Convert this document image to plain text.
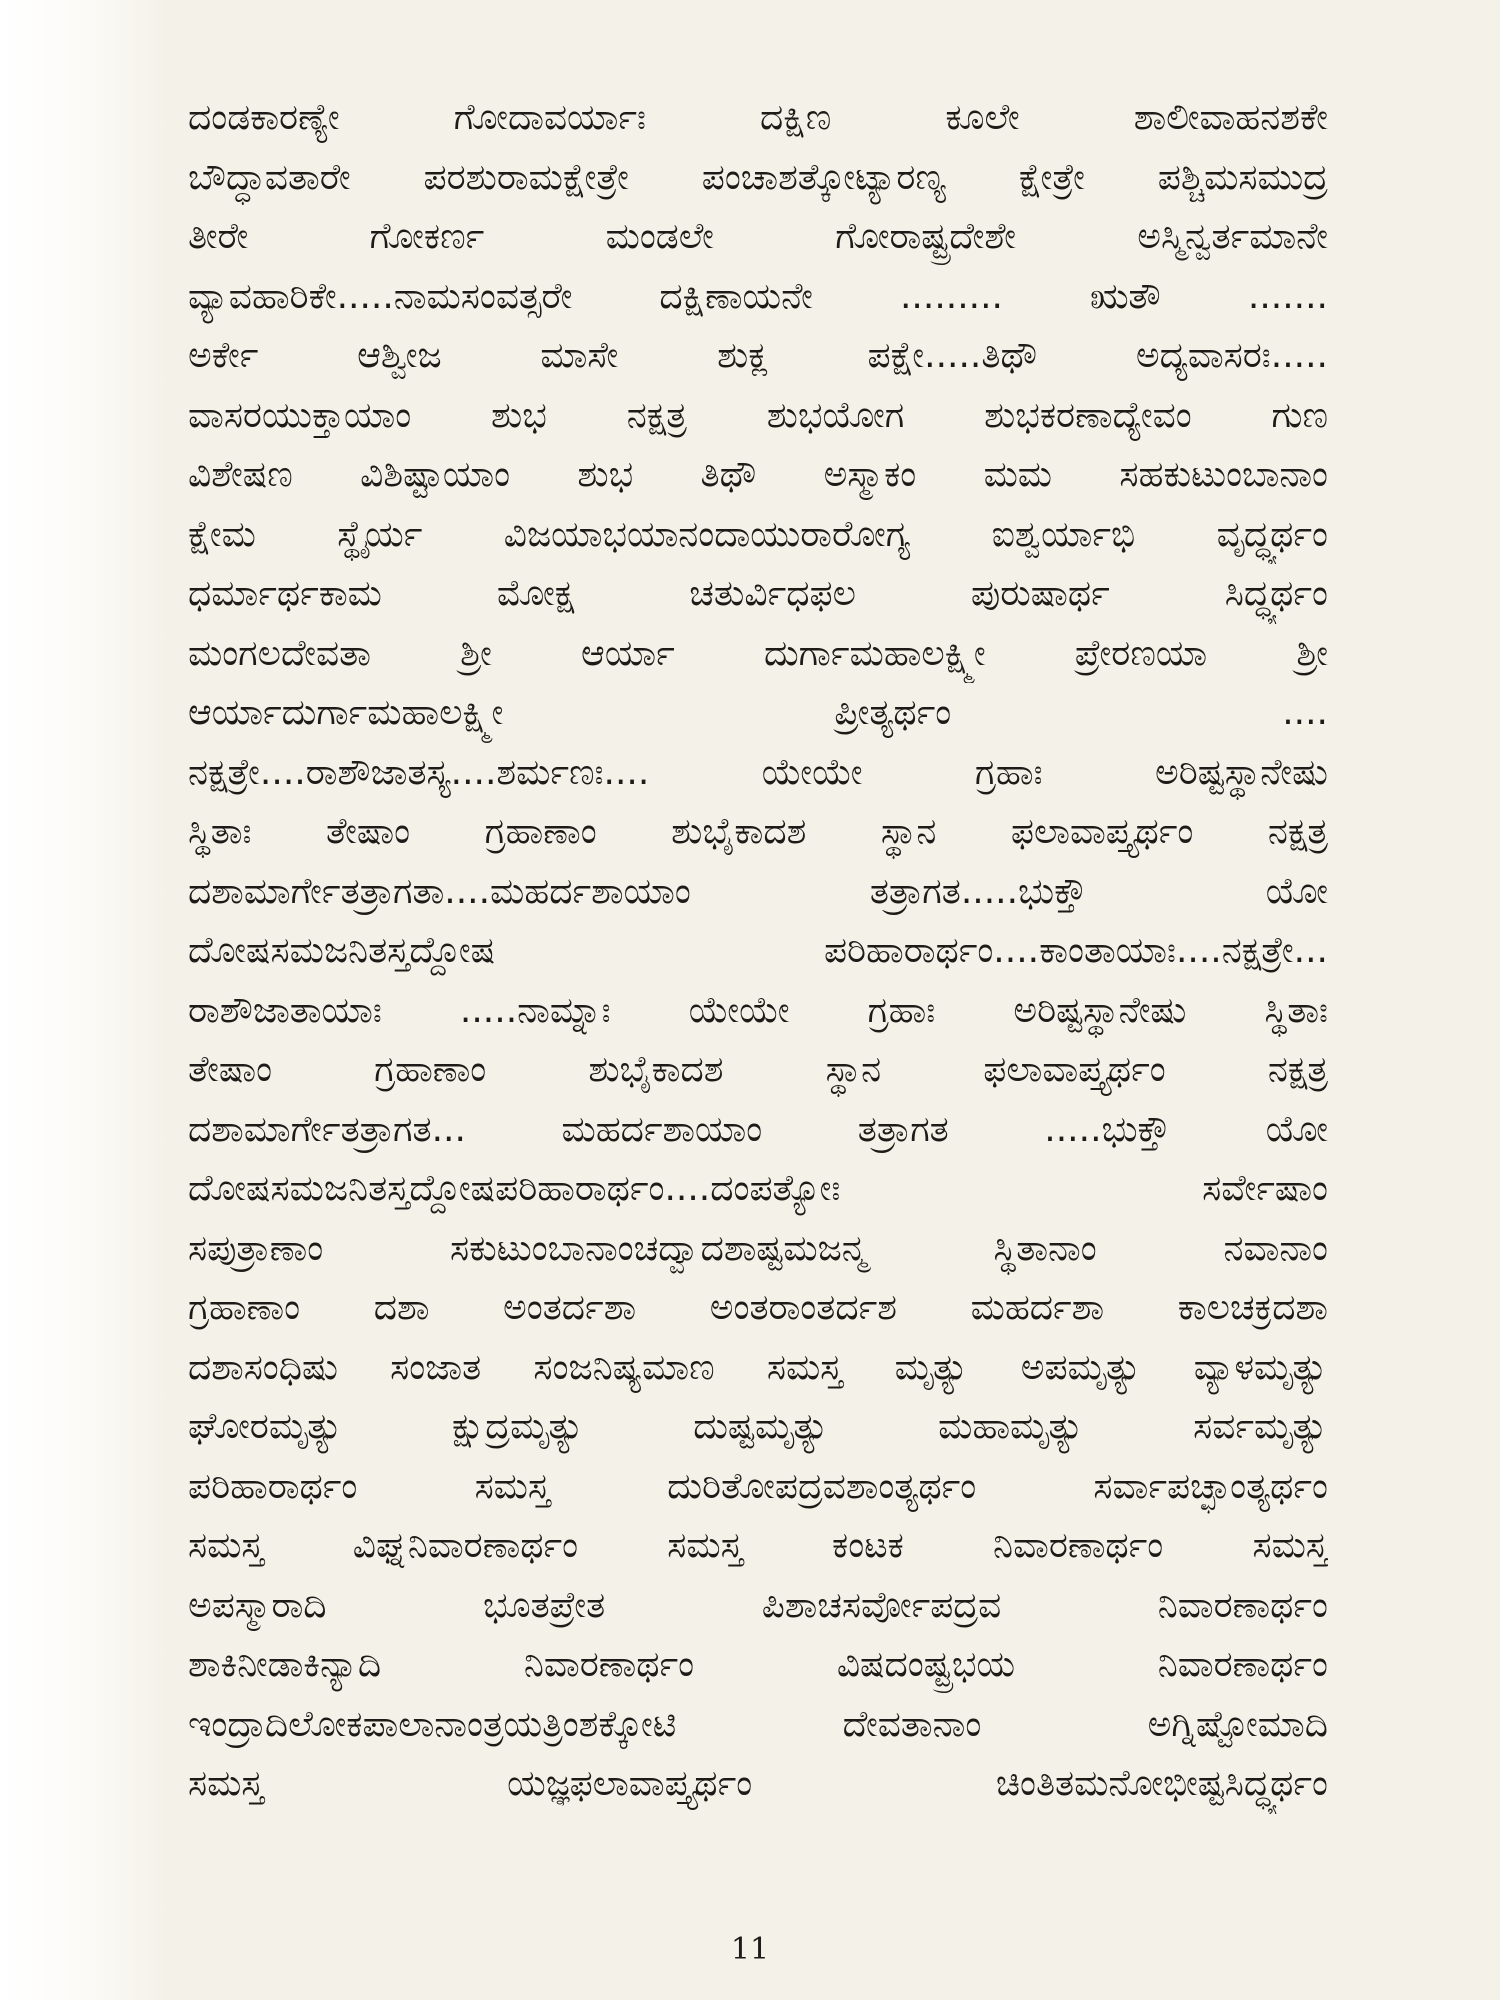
ದಂಡಕಾರಣ್ಯೇ ಗೋದಾವರ್ಯಾಃ ದಕ್ಷಿಣ ಕೂಲೇ ಶಾಲೀವಾಹನಶಕೇ
ಬೌದ್ಧಾವತಾರೇ ಪರಶುರಾಮಕ್ಷೇತ್ರೇ ಪಂಚಾಶತ್ಕೋಟ್ಯಾರಣ್ಯ ಕ್ಷೇತ್ರೇ ಪಶ್ಚಿಮಸಮುದ್ರ
ತೀರೇ ಗೋಕರ್ಣ ಮಂಡಲೇ ಗೋರಾಷ್ಟ್ರದೇಶೇ ಅಸ್ಮಿನ್ವರ್ತಮಾನೇ
ವ್ಯಾವಹಾರಿಕೇ.....ನಾಮಸಂವತ್ಸರೇ ದಕ್ಷಿಣಾಯನೇ ......... ಋತೌ .......
ಅರ್ಕೇ ಆಶ್ವೀಜ ಮಾಸೇ ಶುಕ್ಲ ಪಕ್ಷೇ.....ತಿಥೌ ಅದ್ಯವಾಸರಃ.....
ವಾಸರಯುಕ್ತಾಯಾಂ ಶುಭ ನಕ್ಷತ್ರ ಶುಭಯೋಗ ಶುಭಕರಣಾದ್ಯೇವಂ ಗುಣ
ವಿಶೇಷಣ ವಿಶಿಷ್ಟಾಯಾಂ ಶುಭ ತಿಥೌ ಅಸ್ಮಾಕಂ ಮಮ ಸಹಕುಟುಂಬಾನಾಂ
ಕ್ಷೇಮ ಸ್ಥೈರ್ಯ ವಿಜಯಾಭಯಾನಂದಾಯುರಾರೋಗ್ಯ ಐಶ್ವರ್ಯಾಭಿ ವೃದ್ಧ್ಯರ್ಥಂ
ಧರ್ಮಾರ್ಥಕಾಮ ಮೋಕ್ಷ ಚತುರ್ವಿಧಫಲ ಪುರುಷಾರ್ಥ ಸಿದ್ಧ್ಯರ್ಥಂ
ಮಂಗಲದೇವತಾ ಶ್ರೀ ಆರ್ಯಾ ದುರ್ಗಾಮಹಾಲಕ್ಷ್ಮೀ ಪ್ರೇರಣಯಾ ಶ್ರೀ
ಆರ್ಯಾದುರ್ಗಾಮಹಾಲಕ್ಷ್ಮೀ ಪ್ರೀತ್ಯರ್ಥಂ ....
ನಕ್ಷತ್ರೇ....ರಾಶೌಜಾತಸ್ಯ....ಶರ್ಮಣಃ.... ಯೇಯೇ ಗ್ರಹಾಃ ಅರಿಷ್ಟಸ್ಥಾನೇಷು
ಸ್ಥಿತಾಃ ತೇಷಾಂ ಗ್ರಹಾಣಾಂ ಶುಭೈಕಾದಶ ಸ್ಥಾನ ಫಲಾವಾಪ್ತ್ಯರ್ಥಂ ನಕ್ಷತ್ರ
ದಶಾಮಾರ್ಗೇತತ್ರಾಗತಾ....ಮಹರ್ದಶಾಯಾಂ ತತ್ರಾಗತ.....ಭುಕ್ತೌ ಯೋ
ದೋಷಸಮಜನಿತಸ್ತದ್ದೋಷ ಪರಿಹಾರಾರ್ಥಂ....ಕಾಂತಾಯಾಃ....ನಕ್ಷತ್ರೇ...
ರಾಶೌಜಾತಾಯಾಃ .....ನಾಮ್ನಾಃ ಯೇಯೇ ಗ್ರಹಾಃ ಅರಿಷ್ಟಸ್ಥಾನೇಷು ಸ್ಥಿತಾಃ
ತೇಷಾಂ ಗ್ರಹಾಣಾಂ ಶುಭೈಕಾದಶ ಸ್ಥಾನ ಫಲಾವಾಪ್ತ್ಯರ್ಥಂ ನಕ್ಷತ್ರ
ದಶಾಮಾರ್ಗೇತತ್ರಾಗತ... ಮಹರ್ದಶಾಯಾಂ ತತ್ರಾಗತ .....ಭುಕ್ತೌ ಯೋ
ದೋಷಸಮಜನಿತಸ್ತದ್ದೋಷಪರಿಹಾರಾರ್ಥಂ....ದಂಪತ್ಯೋಃ ಸರ್ವೇಷಾಂ
ಸಪುತ್ರಾಣಾಂ ಸಕುಟುಂಬಾನಾಂಚದ್ವಾದಶಾಷ್ಟಮಜನ್ಮ ಸ್ಥಿತಾನಾಂ ನವಾನಾಂ
ಗ್ರಹಾಣಾಂ ದಶಾ ಅಂತರ್ದಶಾ ಅಂತರಾಂತರ್ದಶ ಮಹರ್ದಶಾ ಕಾಲಚಕ್ರದಶಾ
ದಶಾಸಂಧಿಷು ಸಂಜಾತ ಸಂಜನಿಷ್ಯಮಾಣ ಸಮಸ್ತ ಮೃತ್ಯು ಅಪಮೃತ್ಯು ವ್ಯಾಳಮೃತ್ಯು
ಘೋರಮೃತ್ಯು ಕ್ಷುದ್ರಮೃತ್ಯು ದುಷ್ಟಮೃತ್ಯು ಮಹಾಮೃತ್ಯು ಸರ್ವಮೃತ್ಯು
ಪರಿಹಾರಾರ್ಥಂ ಸಮಸ್ತ ದುರಿತೋಪದ್ರವಶಾಂತ್ಯರ್ಥಂ ಸರ್ವಾಪಚ್ಛಾಂತ್ಯರ್ಥಂ
ಸಮಸ್ತ ವಿಘ್ನನಿವಾರಣಾರ್ಥಂ ಸಮಸ್ತ ಕಂಟಕ ನಿವಾರಣಾರ್ಥಂ ಸಮಸ್ತ
ಅಪಸ್ಮಾರಾದಿ ಭೂತಪ್ರೇತ ಪಿಶಾಚಸರ್ವೋಪದ್ರವ ನಿವಾರಣಾರ್ಥಂ
ಶಾಕಿನೀಡಾಕಿನ್ಯಾದಿ ನಿವಾರಣಾರ್ಥಂ ವಿಷದಂಷ್ಟ್ರಭಯ ನಿವಾರಣಾರ್ಥಂ
ಇಂದ್ರಾದಿಲೋಕಪಾಲಾನಾಂತ್ರಯತ್ರಿಂಶಕ್ಕೋಟಿ ದೇವತಾನಾಂ ಅಗ್ನಿಷ್ಟೋಮಾದಿ
ಸಮಸ್ತ ಯಜ್ಞಫಲಾವಾಪ್ತ್ಯರ್ಥಂ ಚಿಂತಿತಮನೋಭೀಷ್ಟಸಿದ್ಧ್ಯರ್ಥಂ
11
